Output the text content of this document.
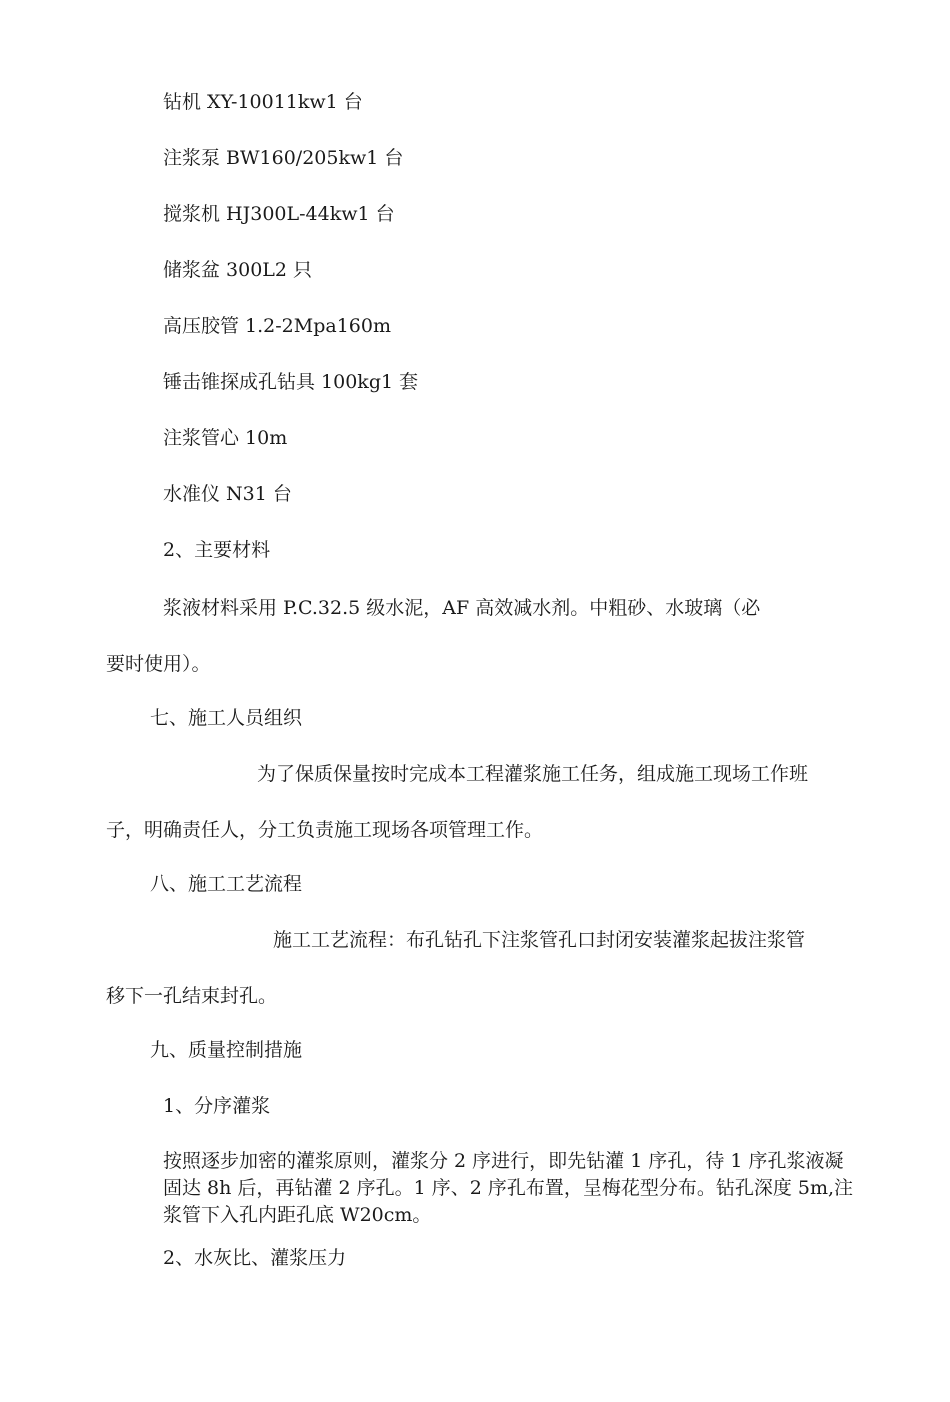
钻机 XY-10011kw1 台
注浆泵 BW160/205kw1 台
搅浆机 HJ300L-44kw1 台
储浆盆 300L2 只
高压胶管 1.2-2Mpa160m
锤击锥探成孔钻具 100kg1 套
注浆管心 10m
水准仪 N31 台
2、主要材料
浆液材料采用 P.C.32.5 级水泥，AF 高效减水剂。中粗砂、水玻璃（必
要时使用）。
七、施工人员组织
为了保质保量按时完成本工程灌浆施工任务，组成施工现场工作班
子，明确责任人，分工负责施工现场各项管理工作。
八、施工工艺流程
施工工艺流程：布孔钻孔下注浆管孔口封闭安装灌浆起拔注浆管
移下一孔结束封孔。
九、质量控制措施
1、分序灌浆
按照逐步加密的灌浆原则，灌浆分 2 序进行，即先钻灌 1 序孔，待 1 序孔浆液凝固达 8h 后，再钻灌 2 序孔。1 序、2 序孔布置，呈梅花型分布。钻孔深度 5m,注浆管下入孔内距孔底 W20cm。
2、水灰比、灌浆压力
